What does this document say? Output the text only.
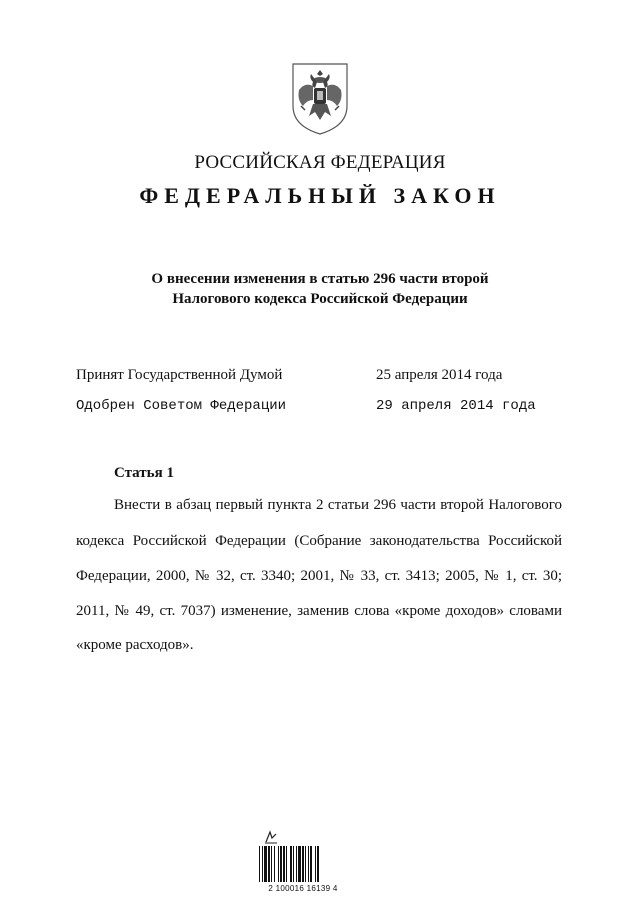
РОССИЙСКАЯ ФЕДЕРАЦИЯ
ФЕДЕРАЛЬНЫЙ ЗАКОН
О внесении изменения в статью 296 части второй
Налогового кодекса Российской Федерации
Принят Государственной Думой	25 апреля 2014 года
Одобрен Советом Федерации	29 апреля 2014 года
Статья 1
Внести в абзац первый пункта 2 статьи 296 части второй Налогового
кодекса Российской Федерации (Собрание законодательства Российской
Федерации, 2000, № 32, ст. 3340; 2001, № 33, ст. 3413; 2005, № 1, ст. 30;
2011, № 49, ст. 7037) изменение, заменив слова «кроме доходов» словами
«кроме расходов».
2 100016 16139 4
